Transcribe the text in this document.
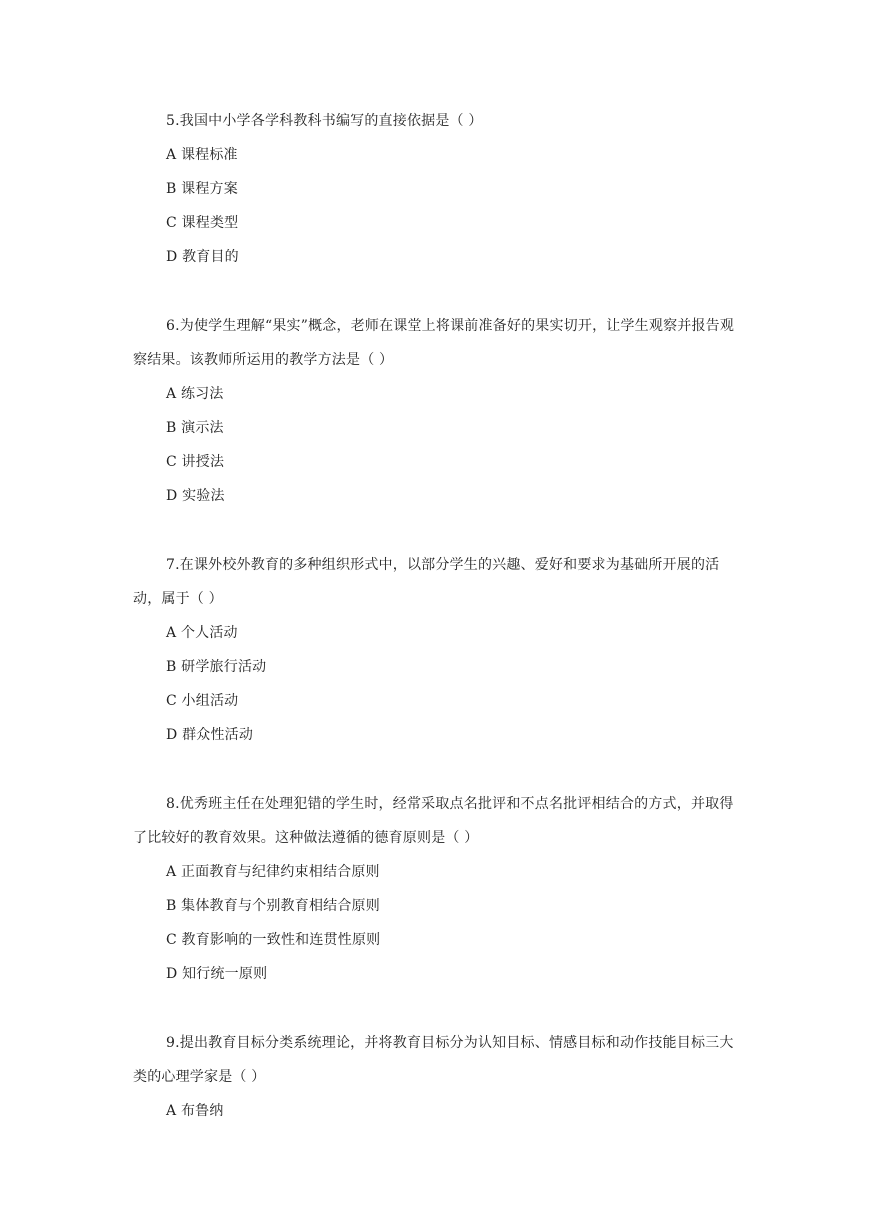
5.我国中小学各学科教科书编写的直接依据是（ ）

A 课程标准

B 课程方案

C 课程类型

D 教育目的

6.为使学生理解“果实”概念，老师在课堂上将课前准备好的果实切开，让学生观察并报告观察结果。该教师所运用的教学方法是（ ）

A 练习法

B 演示法

C 讲授法

D 实验法

7.在课外校外教育的多种组织形式中，以部分学生的兴趣、爱好和要求为基础所开展的活动，属于（ ）

A 个人活动

B 研学旅行活动

C 小组活动

D 群众性活动

8.优秀班主任在处理犯错的学生时，经常采取点名批评和不点名批评相结合的方式，并取得了比较好的教育效果。这种做法遵循的德育原则是（ ）

A 正面教育与纪律约束相结合原则

B 集体教育与个别教育相结合原则

C 教育影响的一致性和连贯性原则

D 知行统一原则

9.提出教育目标分类系统理论，并将教育目标分为认知目标、情感目标和动作技能目标三大类的心理学家是（ ）

A 布鲁纳
